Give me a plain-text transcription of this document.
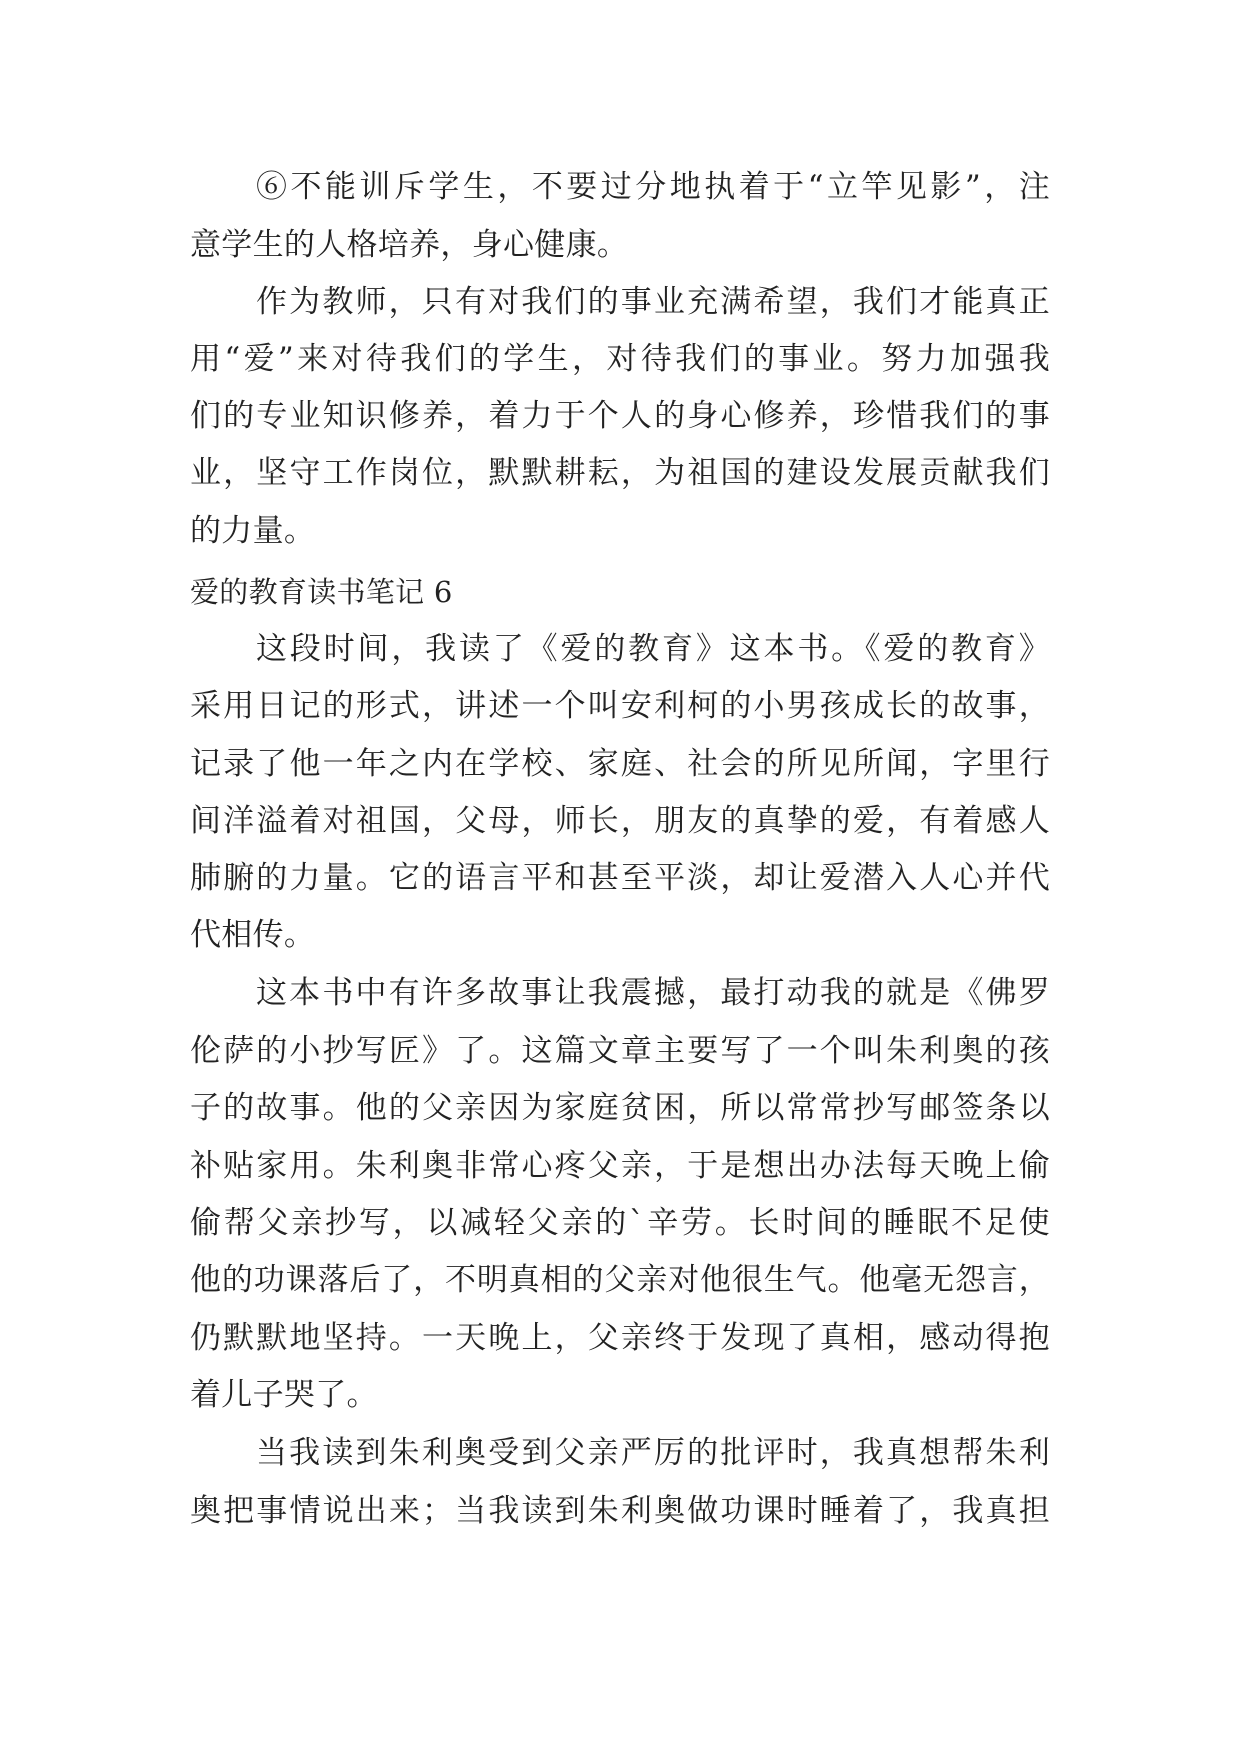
⑥不能训斥学生，不要过分地执着于“立竿见影”，注
意学生的人格培养，身心健康。
作为教师，只有对我们的事业充满希望，我们才能真正
用“爱”来对待我们的学生，对待我们的事业。努力加强我
们的专业知识修养，着力于个人的身心修养，珍惜我们的事
业，坚守工作岗位，默默耕耘，为祖国的建设发展贡献我们
的力量。
爱的教育读书笔记 6
这段时间，我读了《爱的教育》这本书。《爱的教育》
采用日记的形式，讲述一个叫安利柯的小男孩成长的故事，
记录了他一年之内在学校、家庭、社会的所见所闻，字里行
间洋溢着对祖国，父母，师长，朋友的真挚的爱，有着感人
肺腑的力量。它的语言平和甚至平淡，却让爱潜入人心并代
代相传。
这本书中有许多故事让我震撼，最打动我的就是《佛罗
伦萨的小抄写匠》了。这篇文章主要写了一个叫朱利奥的孩
子的故事。他的父亲因为家庭贫困，所以常常抄写邮签条以
补贴家用。朱利奥非常心疼父亲，于是想出办法每天晚上偷
偷帮父亲抄写，以减轻父亲的`辛劳。长时间的睡眠不足使
他的功课落后了，不明真相的父亲对他很生气。他毫无怨言，
仍默默地坚持。一天晚上，父亲终于发现了真相，感动得抱
着儿子哭了。
当我读到朱利奥受到父亲严厉的批评时，我真想帮朱利
奥把事情说出来；当我读到朱利奥做功课时睡着了，我真担
